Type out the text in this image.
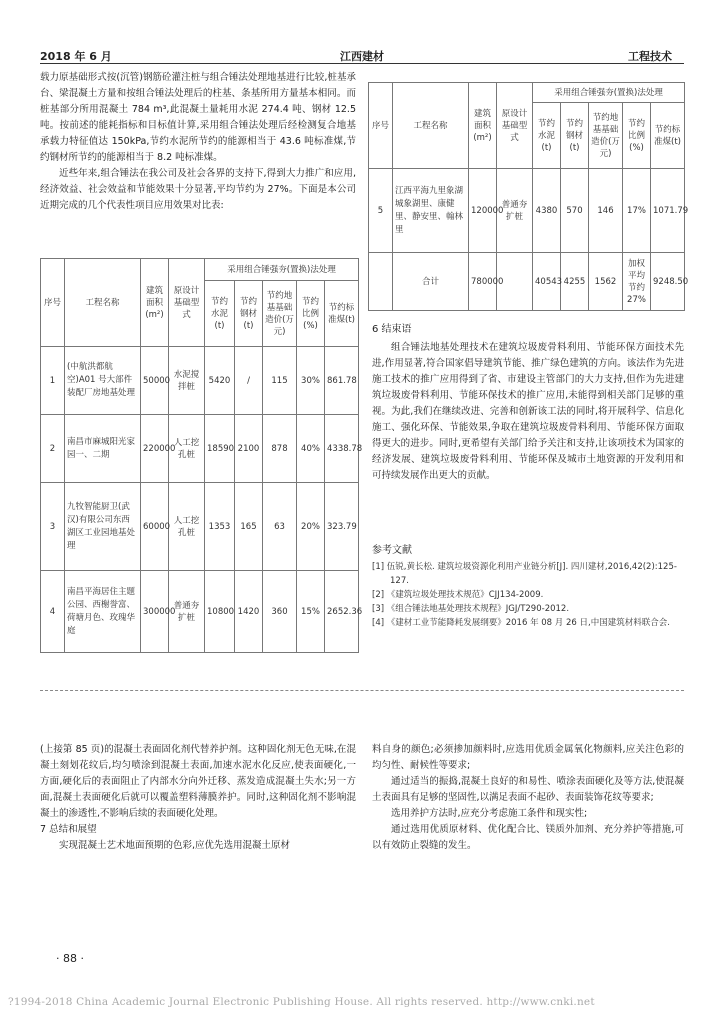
2018 年 6 月	江西建材	工程技术

载力原基础形式按(沉管)钢筋砼灌注桩与组合锤法处理地基进行比较,桩基承台、梁混凝土方量和按组合锤法处理后的柱基、条基所用方量基本相同。而桩基部分所用混凝土 784 m³,此混凝土量耗用水泥 274.4 吨、钢材 12.5 吨。按前述的能耗指标和目标值计算,采用组合锤法处理后经检测复合地基承载力特征值达 150kPa,节约水泥所节约的能源相当于 43.6 吨标准煤,节约钢材所节约的能源相当于 8.2 吨标准煤。

近些年来,组合锤法在我公司及社会各界的支持下,得到大力推广和应用,经济效益、社会效益和节能效果十分显著,平均节约为 27%。下面是本公司近期完成的几个代表性项目应用效果对比表:

序号	工程名称	建筑面积(m²)	原设计基础型式	采用组合锤强夯(置换)法处理				
				节约水泥(t)	节约钢材(t)	节约地基基础造价(万元)	节约比例(%)	节约标准煤(t)
1	(中航洪都航空)A01 号大部件装配厂房地基处理	50000	水泥搅拌桩	5420	/	115	30%	861.78
2	南昌市麻城阳光家园一、二期	220000	人工挖孔桩	18590	2100	878	40%	4338.78
3	九牧智能厨卫(武汉)有限公司东西湖区工业园地基处理	60000	人工挖孔桩	1353	165	63	20%	323.79
4	南昌平海居住主题公园、西榭誉富、荷塘月色、玫瑰华庭	300000	普通夯扩桩	10800	1420	360	15%	2652.36
序号	工程名称	建筑面积(m²)	原设计基础型式	采用组合锤强夯(置换)法处理				
				节约水泥(t)	节约钢材(t)	节约地基基础造价(万元)	节约比例(%)	节约标准煤(t)
5	江西平海九里象湖城象湖里、康健里、静安里、翰林里	120000	普通夯扩桩	4380	570	146	17%	1071.79
	合计	780000		40543	4255	1562	加权平均节约27%	9248.50
6 结束语

组合锤法地基处理技术在建筑垃圾废骨料利用、节能环保方面技术先进,作用显著,符合国家倡导建筑节能、推广绿色建筑的方向。该法作为先进施工技术的推广应用得到了省、市建设主管部门的大力支持,但作为先进建筑垃圾废骨料利用、节能环保技术的推广应用,未能得到相关部门足够的重视。为此,我们在继续改进、完善和创新该工法的同时,将开展科学、信息化施工、强化环保、节能效果,争取在建筑垃圾废骨料利用、节能环保方面取得更大的进步。同时,更希望有关部门给予关注和支持,让该项技术为国家的经济发展、建筑垃圾废骨料利用、节能环保及城市土地资源的开发利用和可持续发展作出更大的贡献。

参考文献
[1] 伍锐,黄长松. 建筑垃圾资源化利用产业链分析[J]. 四川建材,2016,42(2):125-127.
[2] 《建筑垃圾处理技术规范》CJJ134-2009.
[3] 《组合锤法地基处理技术规程》JGJ/T290-2012.
[4] 《建材工业节能降耗发展纲要》2016 年 08 月 26 日,中国建筑材料联合会.

(上接第 85 页)的混凝土表面固化剂代替养护剂。这种固化剂无色无味,在混凝土刻划花纹后,均匀喷涂到混凝土表面,加速水泥水化反应,使表面硬化,一方面,硬化后的表面阻止了内部水分向外迁移、蒸发造成混凝土失水;另一方面,混凝土表面硬化后就可以覆盖塑料薄膜养护。同时,这种固化剂不影响混凝土的渗透性,不影响后续的表面硬化处理。

7 总结和展望

实现混凝土艺术地面预期的色彩,应优先选用混凝土原材

料自身的颜色;必须掺加颜料时,应选用优质金属氧化物颜料,应关注色彩的均匀性、耐候性等要求;

通过适当的振捣,混凝土良好的和易性、喷涂表面硬化及等方法,使混凝土表面具有足够的坚固性,以满足表面不起砂、表面装饰花纹等要求;

选用养护方法时,应充分考虑施工条件和现实性;

通过选用优质原材料、优化配合比、镁质外加剂、充分养护等措施,可以有效防止裂缝的发生。

· 88 ·
?1994-2018 China Academic Journal Electronic Publishing House. All rights reserved. http://www.cnki.net
